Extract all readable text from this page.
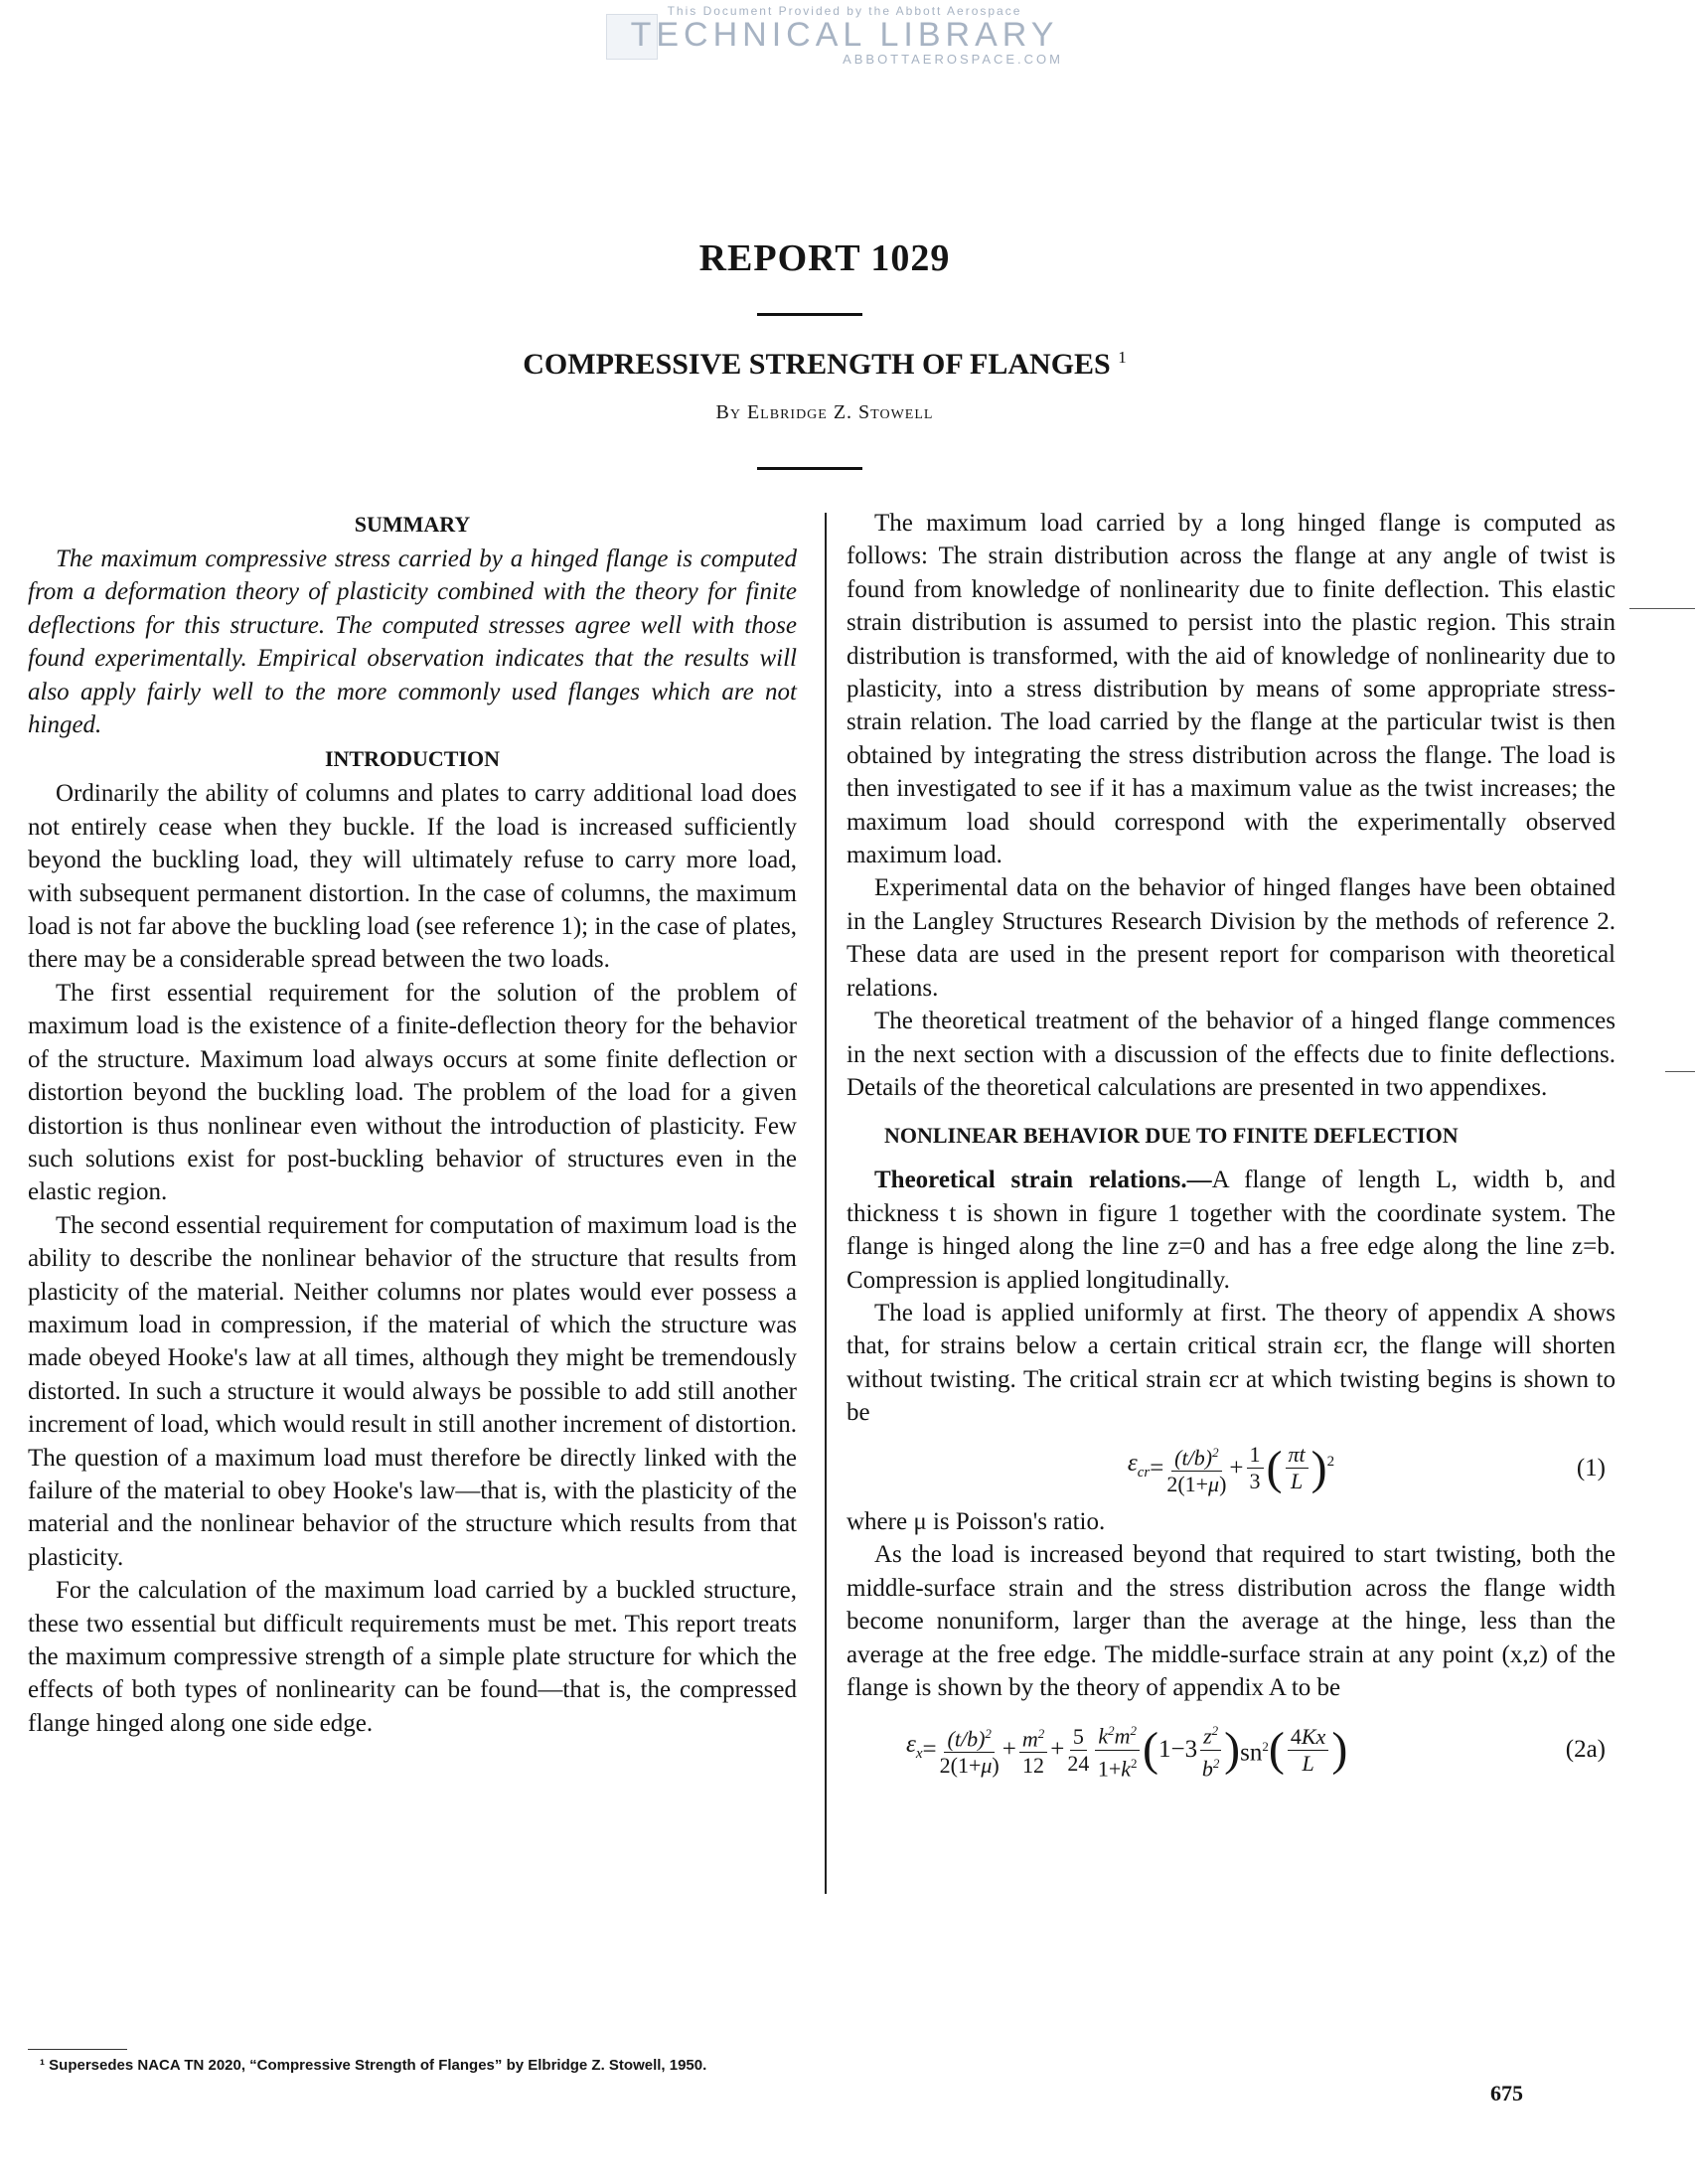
This Document Provided by the Abbott Aerospace
TECHNICAL LIBRARY
ABBOTTAEROSPACE.COM
REPORT 1029
COMPRESSIVE STRENGTH OF FLANGES $^1$
By Elbridge Z. Stowell
SUMMARY

The maximum compressive stress carried by a hinged flange is computed from a deformation theory of plasticity combined with the theory for finite deflections for this structure. The computed stresses agree well with those found experimentally. Empirical observation indicates that the results will also apply fairly well to the more commonly used flanges which are not hinged.

INTRODUCTION

Ordinarily the ability of columns and plates to carry additional load does not entirely cease when they buckle. If the load is increased sufficiently beyond the buckling load, they will ultimately refuse to carry more load, with subsequent permanent distortion. In the case of columns, the maximum load is not far above the buckling load (see reference 1); in the case of plates, there may be a considerable spread between the two loads.

The first essential requirement for the solution of the problem of maximum load is the existence of a finite-deflection theory for the behavior of the structure. Maximum load always occurs at some finite deflection or distortion beyond the buckling load. The problem of the load for a given distortion is thus nonlinear even without the introduction of plasticity. Few such solutions exist for post-buckling behavior of structures even in the elastic region.

The second essential requirement for computation of maximum load is the ability to describe the nonlinear behavior of the structure that results from plasticity of the material. Neither columns nor plates would ever possess a maximum load in compression, if the material of which the structure was made obeyed Hooke's law at all times, although they might be tremendously distorted. In such a structure it would always be possible to add still another increment of load, which would result in still another increment of distortion. The question of a maximum load must therefore be directly linked with the failure of the material to obey Hooke's law—that is, with the plasticity of the material and the nonlinear behavior of the structure which results from that plasticity.

For the calculation of the maximum load carried by a buckled structure, these two essential but difficult requirements must be met. This report treats the maximum compressive strength of a simple plate structure for which the effects of both types of nonlinearity can be found—that is, the compressed flange hinged along one side edge.

The maximum load carried by a long hinged flange is computed as follows: The strain distribution across the flange at any angle of twist is found from knowledge of nonlinearity due to finite deflection. This elastic strain distribution is assumed to persist into the plastic region. This strain distribution is transformed, with the aid of knowledge of nonlinearity due to plasticity, into a stress distribution by means of some appropriate stress-strain relation. The load carried by the flange at the particular twist is then obtained by integrating the stress distribution across the flange. The load is then investigated to see if it has a maximum value as the twist increases; the maximum load should correspond with the experimentally observed maximum load.

Experimental data on the behavior of hinged flanges have been obtained in the Langley Structures Research Division by the methods of reference 2. These data are used in the present report for comparison with theoretical relations.

The theoretical treatment of the behavior of a hinged flange commences in the next section with a discussion of the effects due to finite deflections. Details of the theoretical calculations are presented in two appendixes.

NONLINEAR BEHAVIOR DUE TO FINITE DEFLECTION

Theoretical strain relations.—A flange of length L, width b, and thickness t is shown in figure 1 together with the coordinate system. The flange is hinged along the line z=0 and has a free edge along the line z=b. Compression is applied longitudinally.

The load is applied uniformly at first. The theory of appendix A shows that, for strains below a certain critical strain εcr, the flange will shorten without twisting. The critical strain εcr at which twisting begins is shown to be

$\varepsilon_{cr} = \frac{(t/b)^2}{2(1+\mu)} + \frac{1}{3}$ ( $\frac{\pi t}{L} )^2$	(1)

where μ is Poisson's ratio.

As the load is increased beyond that required to start twisting, both the middle-surface strain and the stress distribution across the flange width become nonuniform, larger than the average at the hinge, less than the average at the free edge. The middle-surface strain at any point (x,z) of the flange is shown by the theory of appendix A to be

$\varepsilon_x = \frac{(t/b)^2}{2(1+\mu)} + \frac{m^2}{12} + \frac{5}{24} \frac{k^2m^2}{1+k^2}$ ( $1-3 \frac{z^2}{b^2}$ ) $sn^2$ ( $\frac{4Kx}{L}$ )	(2a)
¹ Supersedes NACA TN 2020, “Compressive Strength of Flanges” by Elbridge Z. Stowell, 1950.
675
